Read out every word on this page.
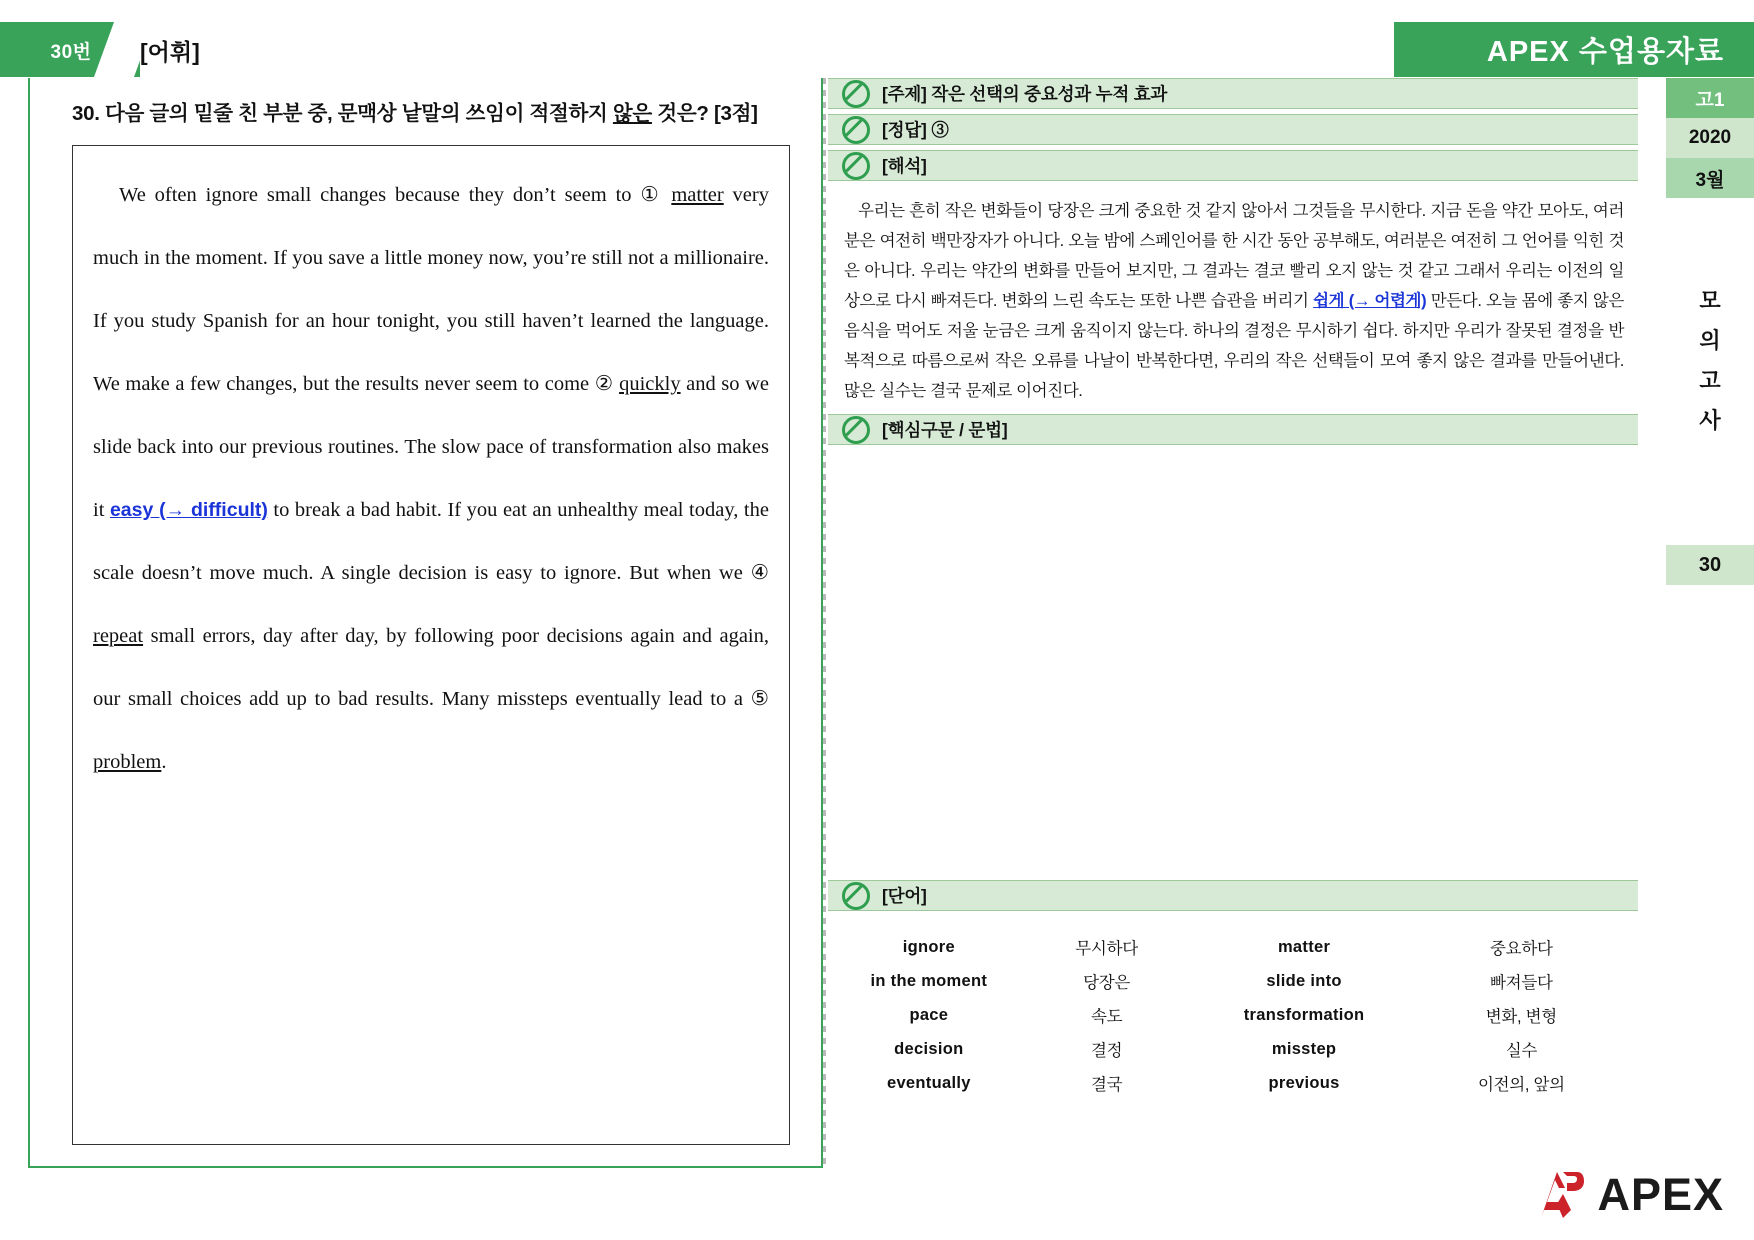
30번	[어휘]	APEX 수업용자료
30. 다음 글의 밑줄 친 부분 중, 문맥상 낱말의 쓰임이 적절하지 않은 것은? [3점]
We often ignore small changes because they don’t seem to ① matter very much in the moment. If you save a little money now, you’re still not a millionaire. If you study Spanish for an hour tonight, you still haven’t learned the language. We make a few changes, but the results never seem to come ② quickly and so we slide back into our previous routines. The slow pace of transformation also makes it easy (→ difficult) to break a bad habit. If you eat an unhealthy meal today, the scale doesn’t move much. A single decision is easy to ignore. But when we ④ repeat small errors, day after day, by following poor decisions again and again, our small choices add up to bad results. Many missteps eventually lead to a ⑤ problem.
[주제] 작은 선택의 중요성과 누적 효과
[정답] ③
[해석]
우리는 흔히 작은 변화들이 당장은 크게 중요한 것 같지 않아서 그것들을 무시한다. 지금 돈을 약간 모아도, 여러분은 여전히 백만장자가 아니다. 오늘 밤에 스페인어를 한 시간 동안 공부해도, 여러분은 여전히 그 언어를 익힌 것은 아니다. 우리는 약간의 변화를 만들어 보지만, 그 결과는 결코 빨리 오지 않는 것 같고 그래서 우리는 이전의 일상으로 다시 빠져든다. 변화의 느린 속도는 또한 나쁜 습관을 버리기 쉽게 (→ 어렵게) 만든다. 오늘 몸에 좋지 않은 음식을 먹어도 저울 눈금은 크게 움직이지 않는다. 하나의 결정은 무시하기 쉽다. 하지만 우리가 잘못된 결정을 반복적으로 따름으로써 작은 오류를 나날이 반복한다면, 우리의 작은 선택들이 모여 좋지 않은 결과를 만들어낸다. 많은 실수는 결국 문제로 이어진다.
[핵심구문 / 문법]
[단어]
ignore	무시하다	matter	중요하다
in the moment	당장은	slide into	빠져들다
pace	속도	transformation	변화, 변형
decision	결정	misstep	실수
eventually	결국	previous	이전의, 앞의
고1
2020
3월
모
의
고
사
30
APEX
